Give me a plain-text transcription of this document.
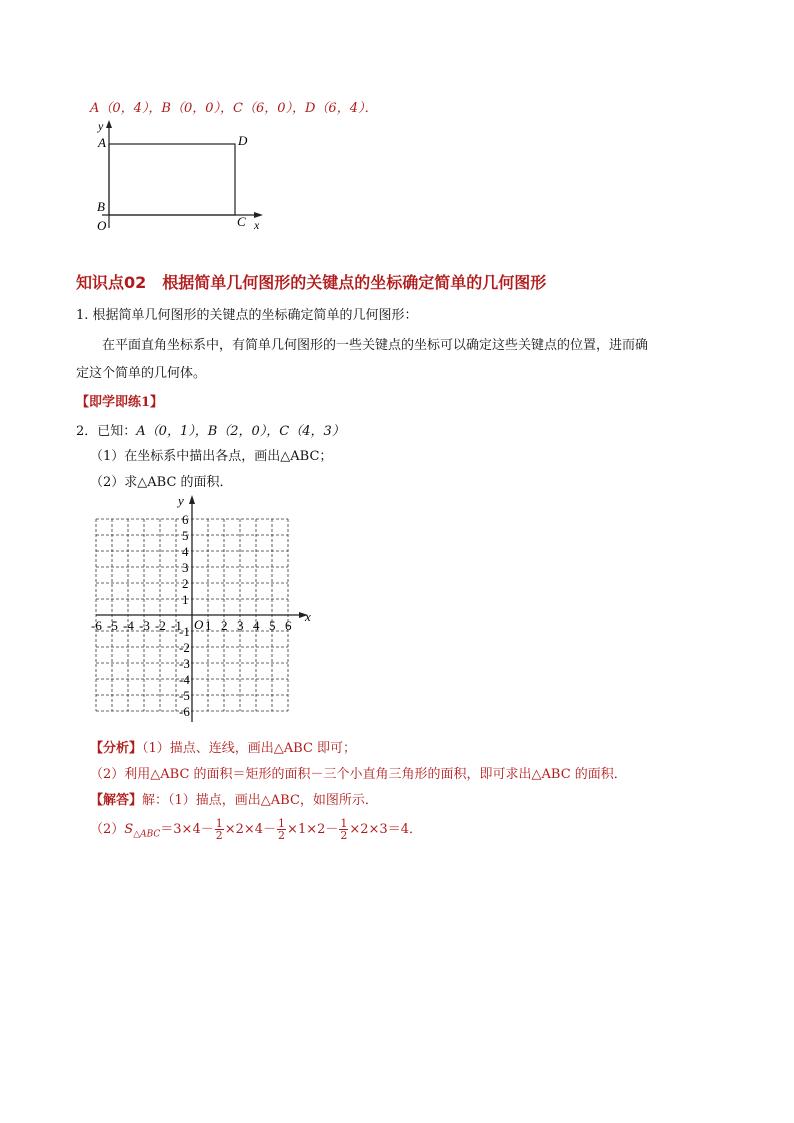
A（0，4），B（0，0），C（6，0），D（6，4）．
y
A	D
B
O	C x
知识点02　根据简单几何图形的关键点的坐标确定简单的几何图形
1. 根据简单几何图形的关键点的坐标确定简单的几何图形：
在平面直角坐标系中，有简单几何图形的一些关键点的坐标可以确定这些关键点的位置，进而确
定这个简单的几何体。
【即学即练1】
2．已知：A（0，1），B（2，0），C（4，3）
（1）在坐标系中描出各点，画出△ABC；
（2）求△ABC 的面积．
x
y
O
-6 -5 -4 -3 -2 -1 1 2 3 4 5 6
1
2
3
4
5
6
-1
-2
-3
-4
-5
-6
【分析】（1）描点、连线，画出△ABC 即可；
（2）利用△ABC 的面积＝矩形的面积－三个小直角三角形的面积，即可求出△ABC 的面积．
【解答】解：（1）描点，画出△ABC，如图所示．
$(2)S_{\triangle ABC}=3\times 4- \frac{1}{2} \times 2\times 4- \frac{1}{2} \times 1\times 2- \frac{1}{2} \times 2\times 3=4$．
